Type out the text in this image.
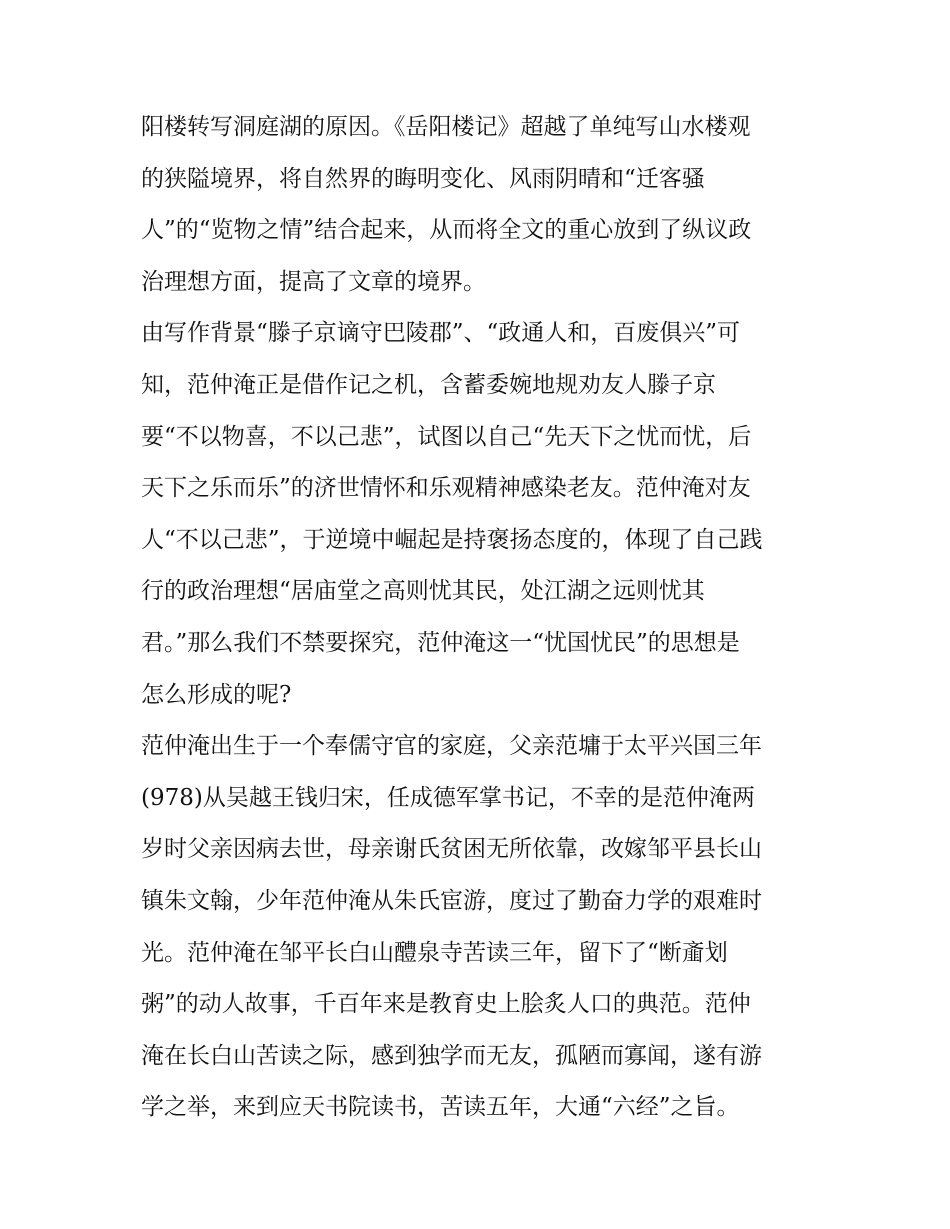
阳楼转写洞庭湖的原因。《岳阳楼记》超越了单纯写山水楼观
的狭隘境界，将自然界的晦明变化、风雨阴晴和“迁客骚
人”的“览物之情”结合起来，从而将全文的重心放到了纵议政
治理想方面，提高了文章的境界。
由写作背景“滕子京谪守巴陵郡”、“政通人和，百废俱兴”可
知，范仲淹正是借作记之机，含蓄委婉地规劝友人滕子京
要“不以物喜，不以己悲”，试图以自己“先天下之忧而忧，后
天下之乐而乐”的济世情怀和乐观精神感染老友。范仲淹对友
人“不以己悲”，于逆境中崛起是持褒扬态度的，体现了自己践
行的政治理想“居庙堂之高则忧其民，处江湖之远则忧其
君。”那么我们不禁要探究，范仲淹这一“忧国忧民”的思想是
怎么形成的呢?
范仲淹出生于一个奉儒守官的家庭，父亲范墉于太平兴国三年
(978)从吴越王钱归宋，任成德军掌书记，不幸的是范仲淹两
岁时父亲因病去世，母亲谢氏贫困无所依靠，改嫁邹平县长山
镇朱文翰，少年范仲淹从朱氏宦游，度过了勤奋力学的艰难时
光。范仲淹在邹平长白山醴泉寺苦读三年，留下了“断齑划
粥”的动人故事，千百年来是教育史上脍炙人口的典范。范仲
淹在长白山苦读之际，感到独学而无友，孤陋而寡闻，遂有游
学之举，来到应天书院读书，苦读五年，大通“六经”之旨。
